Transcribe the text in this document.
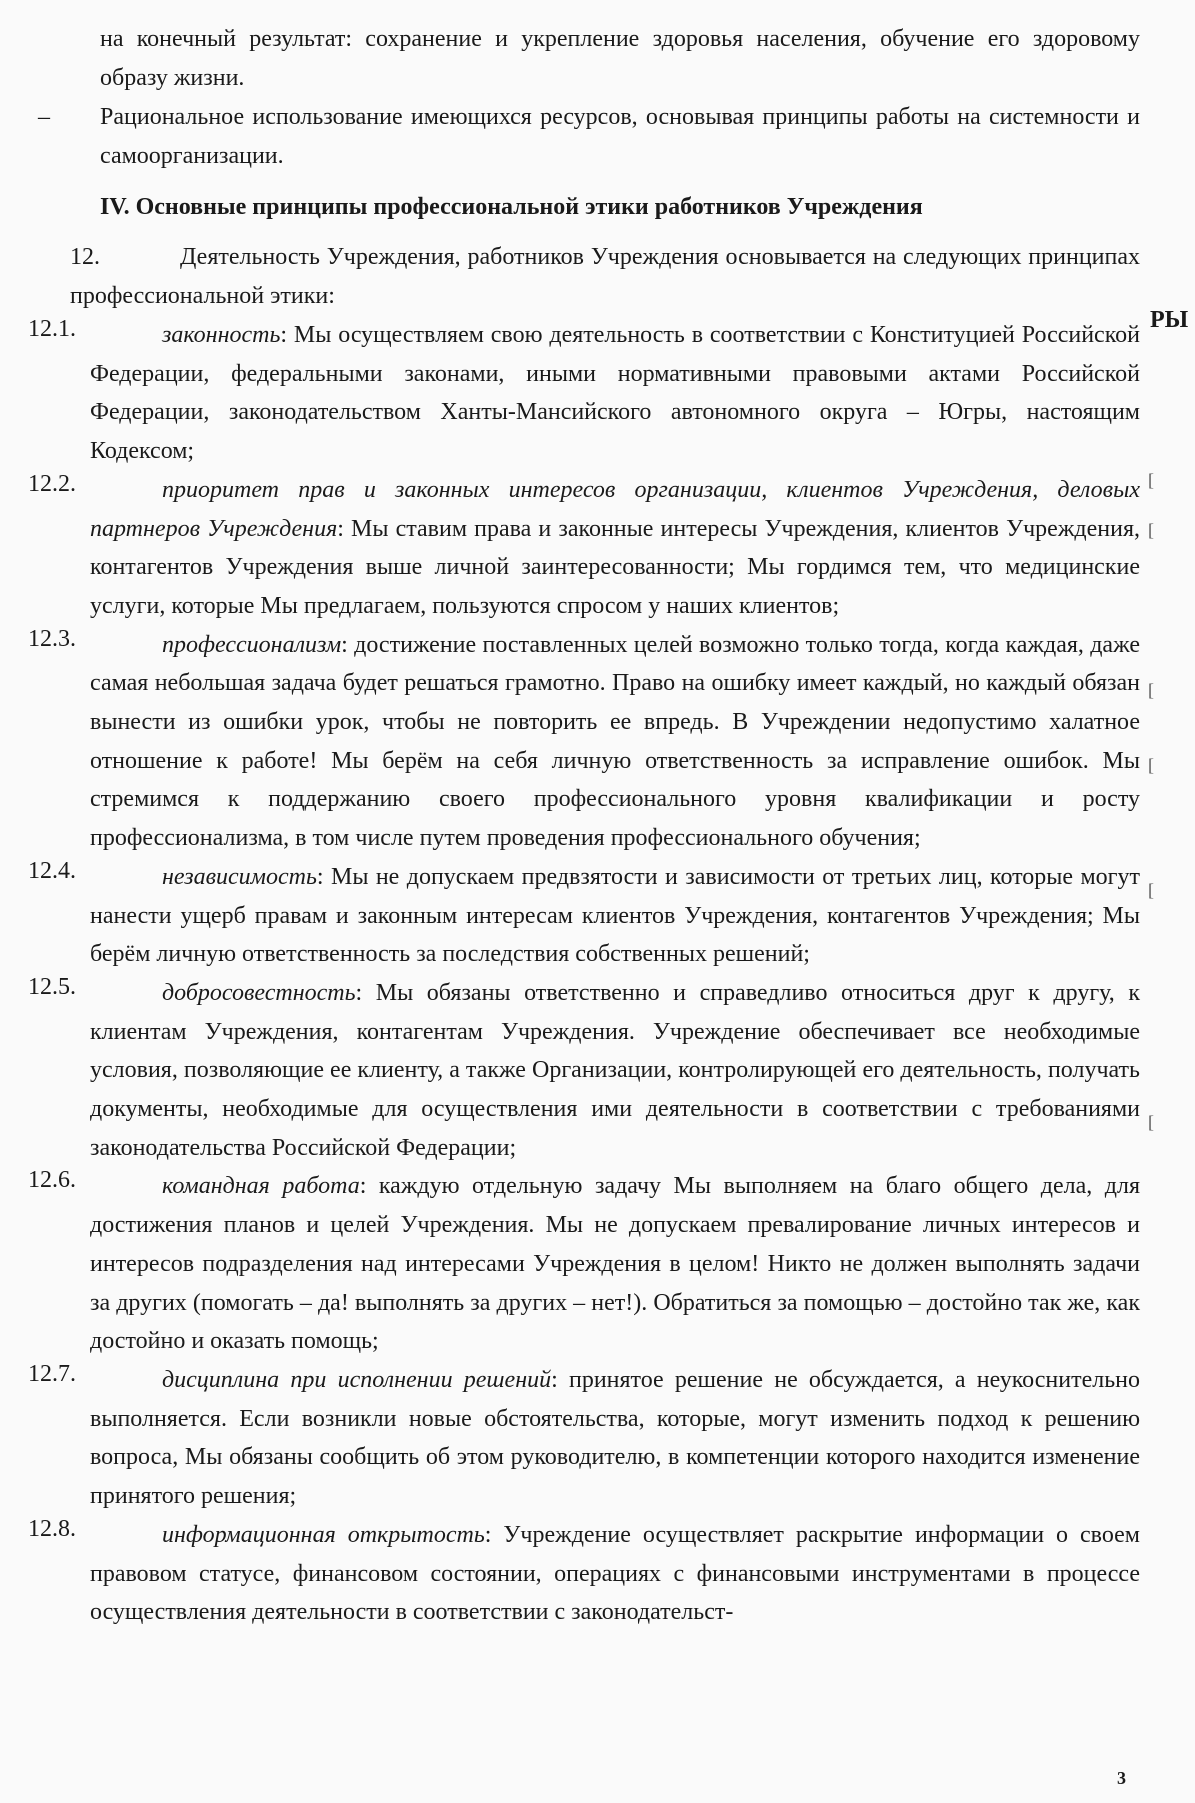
на конечный результат: сохранение и укрепление здоровья населения, обучение его здоровому образу жизни.
– Рациональное использование имеющихся ресурсов, основывая принципы работы на системности и самоорганизации.
IV. Основные принципы профессиональной этики работников Учреждения
12.	Деятельность Учреждения, работников Учреждения основывается на следующих принципах профессиональной этики:
12.1.	законность: Мы осуществляем свою деятельность в соответствии с Конституцией Российской Федерации, федеральными законами, иными нормативными правовыми актами Российской Федерации, законодательством Ханты-Мансийского автономного округа – Югры, настоящим Кодексом;
12.2.	приоритет прав и законных интересов организации, клиентов Учреждения, деловых партнеров Учреждения: Мы ставим права и законные интересы Учреждения, клиентов Учреждения, контагентов Учреждения выше личной заинтересованности; Мы гордимся тем, что медицинские услуги, которые Мы предлагаем, пользуются спросом у наших клиентов;
12.3.	профессионализм: достижение поставленных целей возможно только тогда, когда каждая, даже самая небольшая задача будет решаться грамотно. Право на ошибку имеет каждый, но каждый обязан вынести из ошибки урок, чтобы не повторить ее впредь. В Учреждении недопустимо халатное отношение к работе! Мы берём на себя личную ответственность за исправление ошибок. Мы стремимся к поддержанию своего профессионального уровня квалификации и росту профессионализма, в том числе путем проведения профессионального обучения;
12.4.	независимость: Мы не допускаем предвзятости и зависимости от третьих лиц, которые могут нанести ущерб правам и законным интересам клиентов Учреждения, контагентов Учреждения; Мы берём личную ответственность за последствия собственных решений;
12.5.	добросовестность: Мы обязаны ответственно и справедливо относиться друг к другу, к клиентам Учреждения, контагентам Учреждения. Учреждение обеспечивает все необходимые условия, позволяющие ее клиенту, а также Организации, контролирующей его деятельность, получать документы, необходимые для осуществления ими деятельности в соответствии с требованиями законодательства Российской Федерации;
12.6.	командная работа: каждую отдельную задачу Мы выполняем на благо общего дела, для достижения планов и целей Учреждения. Мы не допускаем превалирование личных интересов и интересов подразделения над интересами Учреждения в целом! Никто не должен выполнять задачи за других (помогать – да! выполнять за других – нет!). Обратиться за помощью – достойно так же, как достойно и оказать помощь;
12.7.	дисциплина при исполнении решений: принятое решение не обсуждается, а неукоснительно выполняется. Если возникли новые обстоятельства, которые, могут изменить подход к решению вопроса, Мы обязаны сообщить об этом руководителю, в компетенции которого находится изменение принятого решения;
12.8.	информационная открытость: Учреждение осуществляет раскрытие информации о своем правовом статусе, финансовом состоянии, операциях с финансовыми инструментами в процессе осуществления деятельности в соответствии с законодательст-
РЫ
[
[
[
[
[
[
3
